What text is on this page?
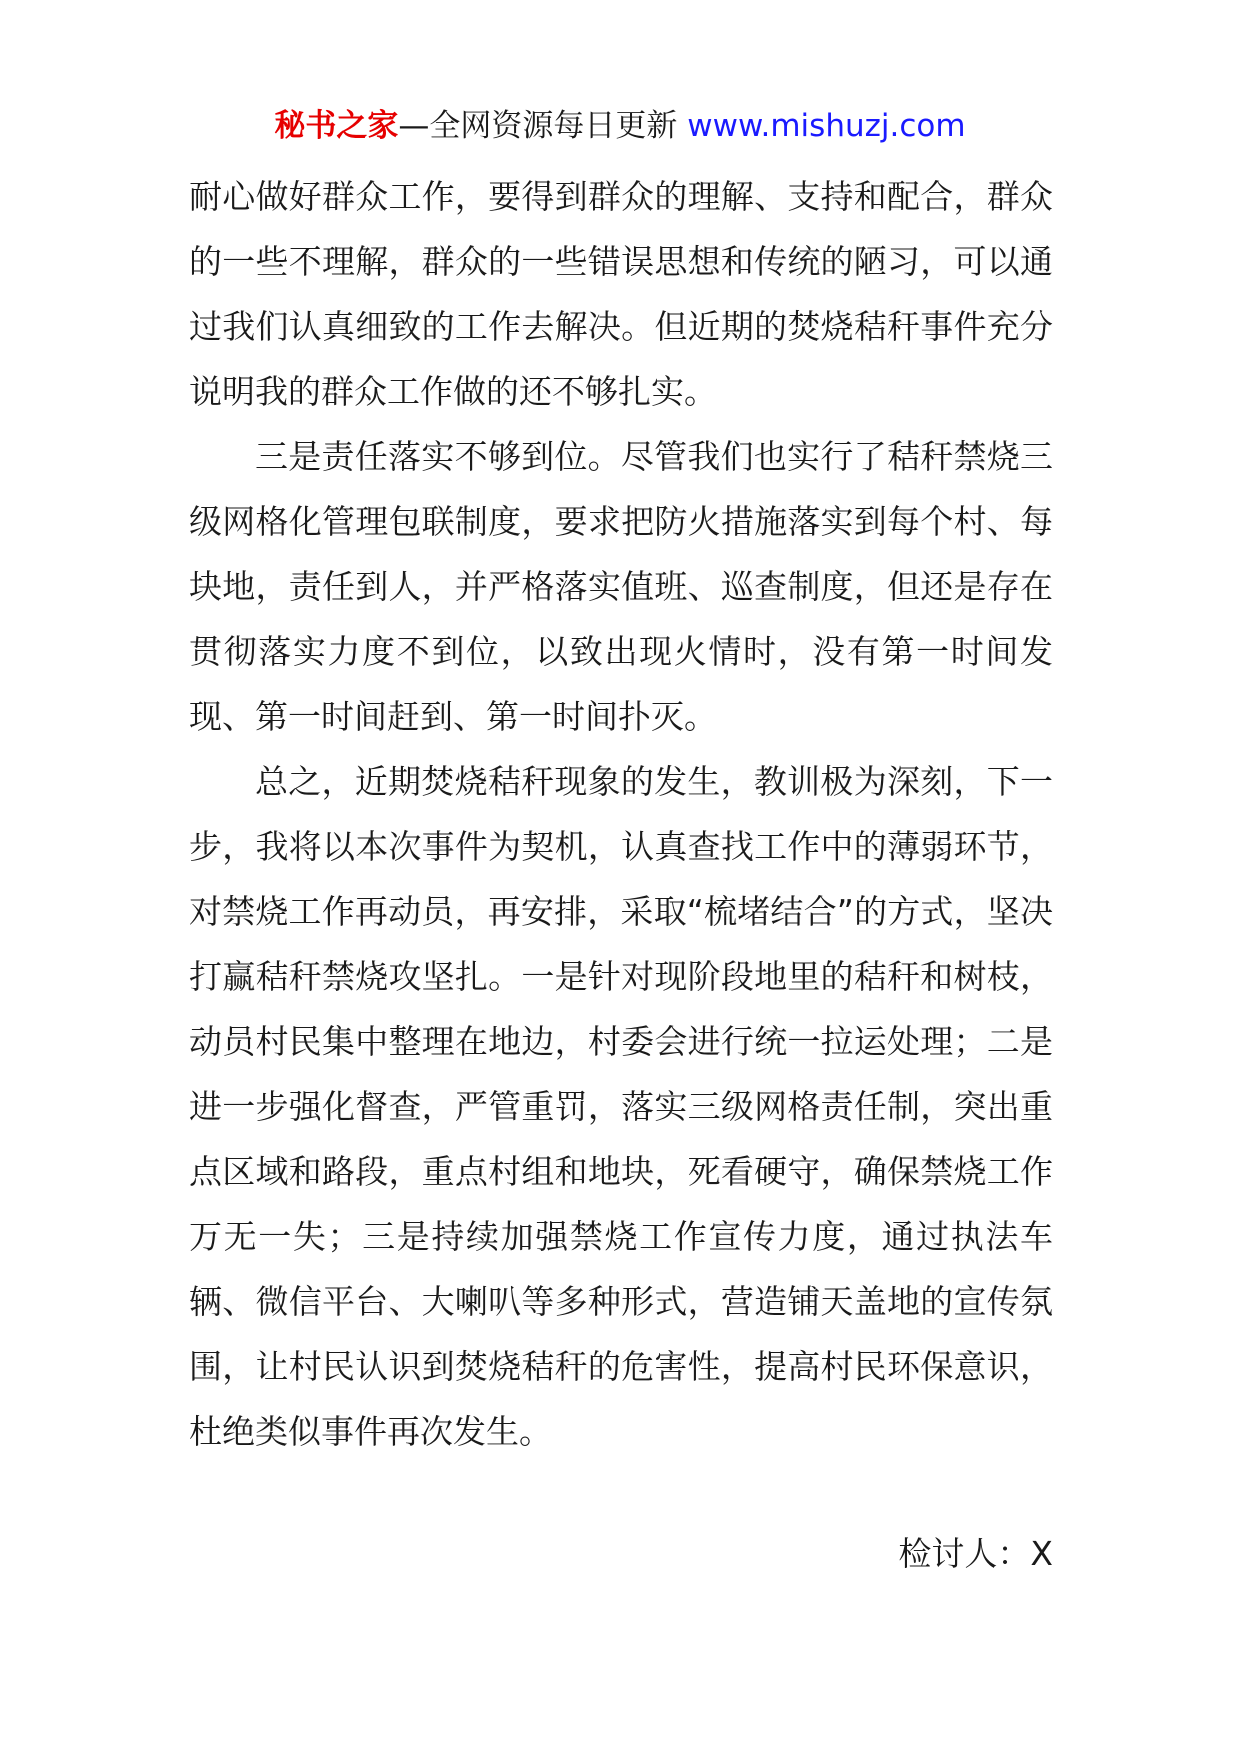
秘书之家—全网资源每日更新 www.mishuzj.com

耐心做好群众工作，要得到群众的理解、支持和配合，群众的一些不理解，群众的一些错误思想和传统的陋习，可以通过我们认真细致的工作去解决。但近期的焚烧秸秆事件充分说明我的群众工作做的还不够扎实。

三是责任落实不够到位。尽管我们也实行了秸秆禁烧三级网格化管理包联制度，要求把防火措施落实到每个村、每块地，责任到人，并严格落实值班、巡查制度，但还是存在贯彻落实力度不到位，以致出现火情时，没有第一时间发现、第一时间赶到、第一时间扑灭。

总之，近期焚烧秸秆现象的发生，教训极为深刻，下一步，我将以本次事件为契机，认真查找工作中的薄弱环节，对禁烧工作再动员，再安排，采取“梳堵结合”的方式，坚决打赢秸秆禁烧攻坚扎。一是针对现阶段地里的秸秆和树枝，动员村民集中整理在地边，村委会进行统一拉运处理；二是进一步强化督查，严管重罚，落实三级网格责任制，突出重点区域和路段，重点村组和地块，死看硬守，确保禁烧工作万无一失；三是持续加强禁烧工作宣传力度，通过执法车辆、微信平台、大喇叭等多种形式，营造铺天盖地的宣传氛围，让村民认识到焚烧秸秆的危害性，提高村民环保意识，杜绝类似事件再次发生。

检讨人：X
